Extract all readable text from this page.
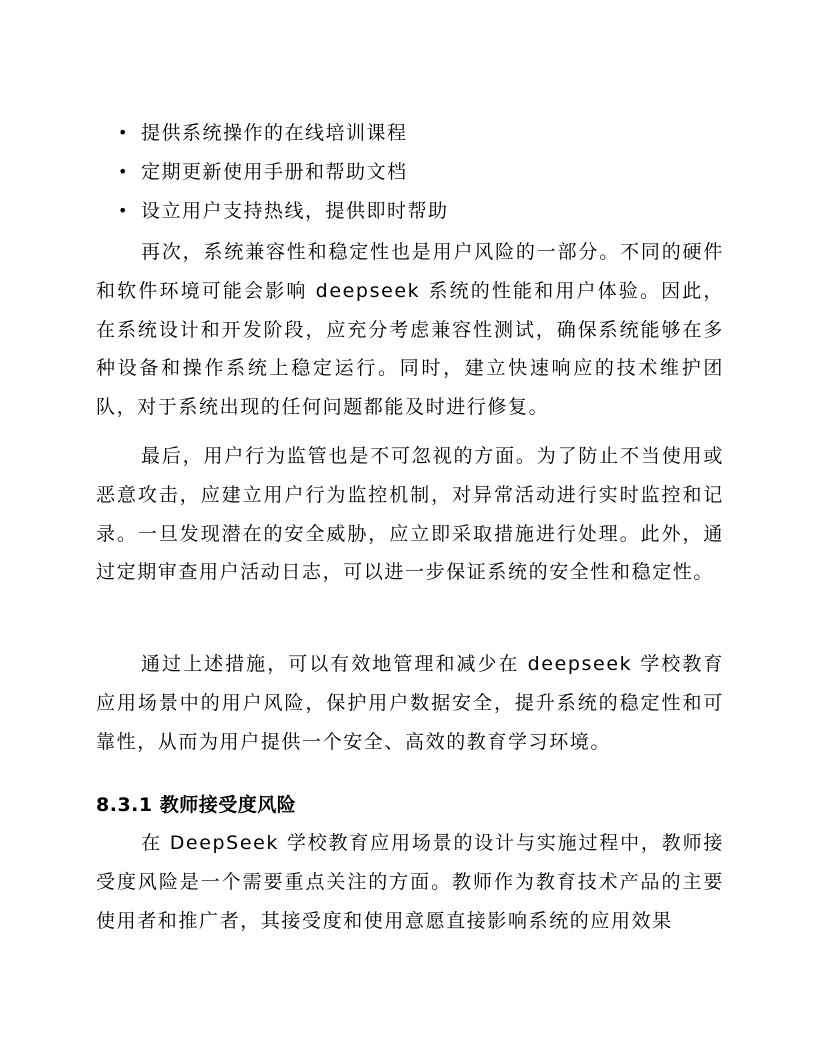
• 提供系统操作的在线培训课程
• 定期更新使用手册和帮助文档
• 设立用户支持热线，提供即时帮助

再次，系统兼容性和稳定性也是用户风险的一部分。不同的硬件和软件环境可能会影响 deepseek 系统的性能和用户体验。因此，在系统设计和开发阶段，应充分考虑兼容性测试，确保系统能够在多种设备和操作系统上稳定运行。同时，建立快速响应的技术维护团队，对于系统出现的任何问题都能及时进行修复。

最后，用户行为监管也是不可忽视的方面。为了防止不当使用或恶意攻击，应建立用户行为监控机制，对异常活动进行实时监控和记录。一旦发现潜在的安全威胁，应立即采取措施进行处理。此外，通过定期审查用户活动日志，可以进一步保证系统的安全性和稳定性。

通过上述措施，可以有效地管理和减少在 deepseek 学校教育应用场景中的用户风险，保护用户数据安全，提升系统的稳定性和可靠性，从而为用户提供一个安全、高效的教育学习环境。

8.3.1 教师接受度风险

在 DeepSeek 学校教育应用场景的设计与实施过程中，教师接受度风险是一个需要重点关注的方面。教师作为教育技术产品的主要使用者和推广者，其接受度和使用意愿直接影响系统的应用效果
